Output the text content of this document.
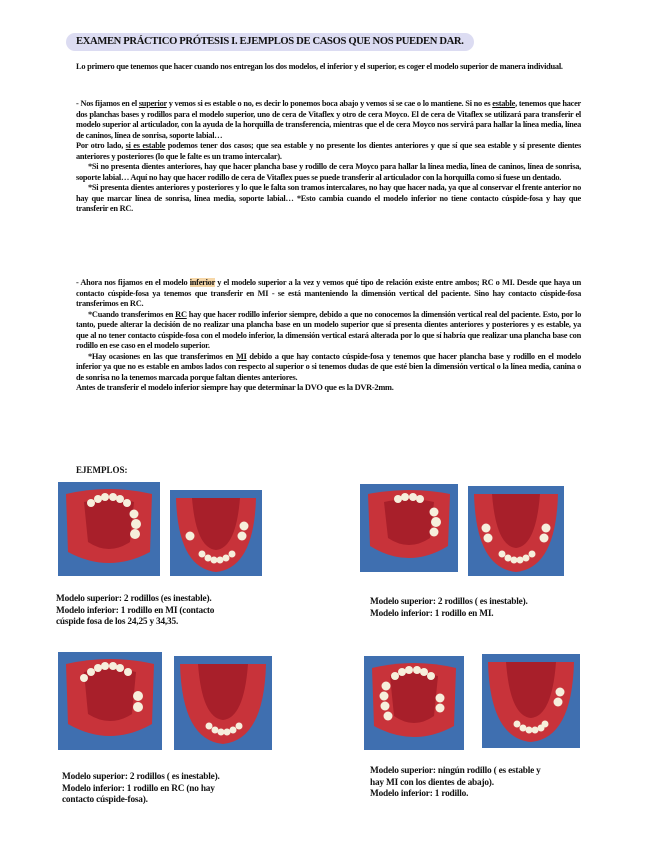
EXAMEN PRÁCTICO PRÓTESIS I. EJEMPLOS DE CASOS QUE NOS PUEDEN DAR.

Lo primero que tenemos que hacer cuando nos entregan los dos modelos, el inferior y el superior, es coger el modelo superior de manera individual.

- Nos fijamos en el superior y vemos si es estable o no, es decir lo ponemos boca abajo y vemos si se cae o lo mantiene. Si no es estable, tenemos que hacer dos planchas bases y rodillos para el modelo superior, uno de cera de Vitaflex y otro de cera Moyco. El de cera de Vitaflex se utilizará para transferir el modelo superior al articulador, con la ayuda de la horquilla de transferencia, mientras que el de cera Moyco nos servirá para hallar la línea media, línea de caninos, línea de sonrisa, soporte labial…

Por otro lado, si es estable podemos tener dos casos; que sea estable y no presente los dientes anteriores y que sí que sea estable y sí presente dientes anteriores y posteriores (lo que le falte es un tramo intercalar).

*Si no presenta dientes anteriores, hay que hacer plancha base y rodillo de cera Moyco para hallar la línea media, línea de caninos, línea de sonrisa, soporte labial… Aquí no hay que hacer rodillo de cera de Vitaflex pues se puede transferir al articulador con la horquilla como si fuese un dentado.

*Si presenta dientes anteriores y posteriores y lo que le falta son tramos intercalares, no hay que hacer nada, ya que al conservar el frente anterior no hay que marcar línea de sonrisa, línea media, soporte labial… *Esto cambia cuando el modelo inferior no tiene contacto cúspide-fosa y hay que transferir en RC.

- Ahora nos fijamos en el modelo inferior y el modelo superior a la vez y vemos qué tipo de relación existe entre ambos; RC o MI. Desde que haya un contacto cúspide-fosa ya tenemos que transferir en MI - se está manteniendo la dimensión vertical del paciente. Sino hay contacto cúspide-fosa transferimos en RC.

*Cuando transferimos en RC hay que hacer rodillo inferior siempre, debido a que no conocemos la dimensión vertical real del paciente. Esto, por lo tanto, puede alterar la decisión de no realizar una plancha base en un modelo superior que sí presenta dientes anteriores y posteriores y es estable, ya que al no tener contacto cúspide-fosa con el modelo inferior, la dimensión vertical estará alterada por lo que sí habría que realizar una plancha base con rodillo en ese caso en el modelo superior.

*Hay ocasiones en las que transferimos en MI debido a que hay contacto cúspide-fosa y tenemos que hacer plancha base y rodillo en el modelo inferior ya que no es estable en ambos lados con respecto al superior o si tenemos dudas de que esté bien la dimensión vertical o la línea media, canina o de sonrisa no la tenemos marcada porque faltan dientes anteriores.

Antes de transferir el modelo inferior siempre hay que determinar la DVO que es la DVR-2mm.

EJEMPLOS:
Modelo superior: 2 rodillos (es inestable).
Modelo inferior: 1 rodillo en MI (contacto
cúspide fosa de los 24,25 y 34,35.
Modelo superior: 2 rodillos ( es inestable).
Modelo inferior: 1 rodillo en MI.
Modelo superior: 2 rodillos ( es inestable).
Modelo inferior: 1 rodillo en RC (no hay
contacto cúspide-fosa).
Modelo superior: ningún rodillo ( es estable y
hay MI con los dientes de abajo).
Modelo inferior: 1 rodillo.
